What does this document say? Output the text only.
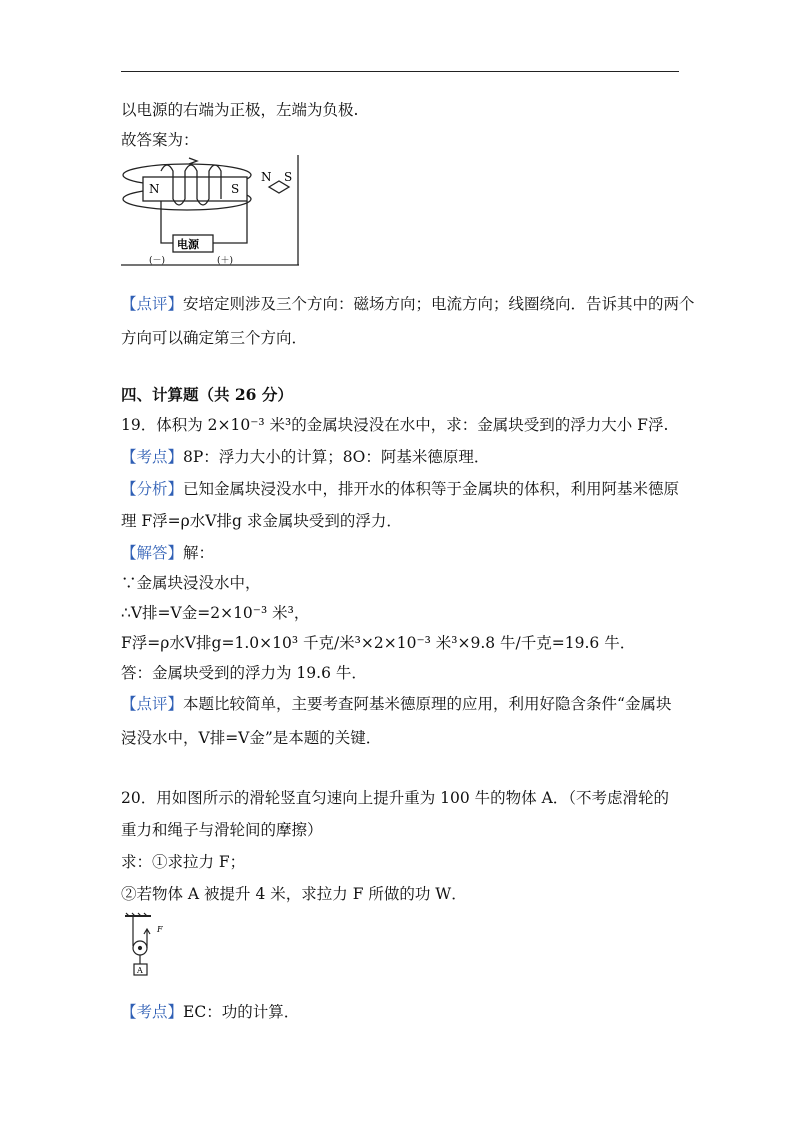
以电源的右端为正极，左端为负极.
故答案为：
N	S
N S
电源
(－)	(＋)
【点评】安培定则涉及三个方向：磁场方向；电流方向；线圈绕向．告诉其中的两个
方向可以确定第三个方向．
四、计算题（共 26 分）
19．体积为 2×10⁻³ 米³的金属块浸没在水中，求：金属块受到的浮力大小 F浮.
【考点】8P：浮力大小的计算；8O：阿基米德原理．
【分析】已知金属块浸没水中，排开水的体积等于金属块的体积，利用阿基米德原
理 F浮=ρ水V排g 求金属块受到的浮力．
【解答】解：
∵金属块浸没水中，
∴V排=V金=2×10⁻³ 米³，
F浮=ρ水V排g=1.0×10³ 千克/米³×2×10⁻³ 米³×9.8 牛/千克=19.6 牛．
答：金属块受到的浮力为 19.6 牛．
【点评】本题比较简单，主要考查阿基米德原理的应用，利用好隐含条件“金属块
浸没水中，V排=V金”是本题的关键．
20．用如图所示的滑轮竖直匀速向上提升重为 100 牛的物体 A．（不考虑滑轮的
重力和绳子与滑轮间的摩擦）
求：①求拉力 F；
②若物体 A 被提升 4 米，求拉力 F 所做的功 W．
F
A
【考点】EC：功的计算．
